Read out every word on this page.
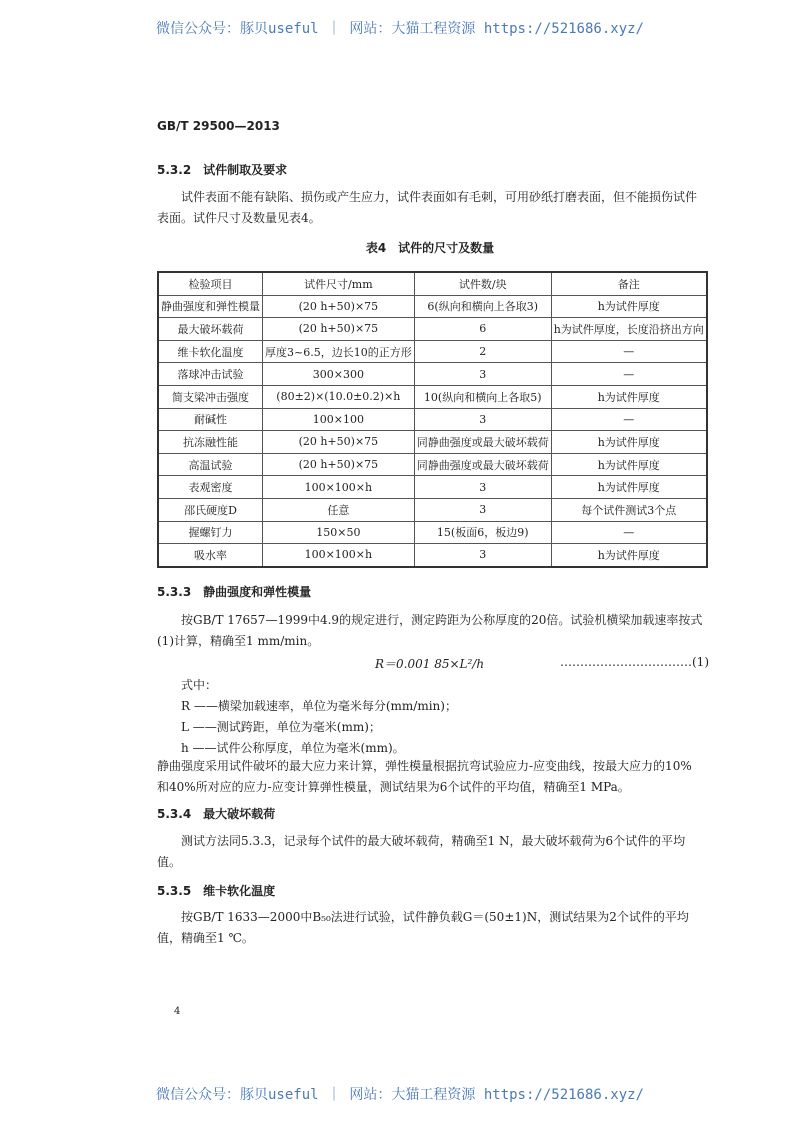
微信公众号：豚贝useful ｜ 网站：大猫工程资源 https://521686.xyz/
GB/T 29500—2013
5.3.2　试件制取及要求
试件表面不能有缺陷、损伤或产生应力，试件表面如有毛刺，可用砂纸打磨表面，但不能损伤试件表面。试件尺寸及数量见表4。
表4　试件的尺寸及数量
检验项目	试件尺寸/mm	试件数/块	备注
静曲强度和弹性模量	(20 h+50)×75	6(纵向和横向上各取3)	h为试件厚度
最大破坏载荷	(20 h+50)×75	6	h为试件厚度，长度沿挤出方向
维卡软化温度	厚度3~6.5，边长10的正方形	2	—
落球冲击试验	300×300	3	—
简支梁冲击强度	(80±2)×(10.0±0.2)×h	10(纵向和横向上各取5)	h为试件厚度
耐碱性	100×100	3	—
抗冻融性能	(20 h+50)×75	同静曲强度或最大破坏载荷	h为试件厚度
高温试验	(20 h+50)×75	同静曲强度或最大破坏载荷	h为试件厚度
表观密度	100×100×h	3	h为试件厚度
邵氏硬度D	任意	3	每个试件测试3个点
握螺钉力	150×50	15(板面6，板边9)	—
吸水率	100×100×h	3	h为试件厚度
5.3.3　静曲强度和弹性模量
按GB/T 17657—1999中4.9的规定进行，测定跨距为公称厚度的20倍。试验机横梁加载速率按式(1)计算，精确至1 mm/min。
R＝0.001 85×L²/h	……………………………(1)
式中：
R ——横梁加载速率，单位为毫米每分(mm/min)；
L ——测试跨距，单位为毫米(mm)；
h ——试件公称厚度，单位为毫米(mm)。
静曲强度采用试件破坏的最大应力来计算，弹性模量根据抗弯试验应力-应变曲线，按最大应力的10%和40%所对应的应力-应变计算弹性模量，测试结果为6个试件的平均值，精确至1 MPa。
5.3.4　最大破坏载荷
测试方法同5.3.3，记录每个试件的最大破坏载荷，精确至1 N，最大破坏载荷为6个试件的平均值。
5.3.5　维卡软化温度
按GB/T 1633—2000中B₅₀法进行试验，试件静负载G＝(50±1)N，测试结果为2个试件的平均值，精确至1 ℃。
4
微信公众号：豚贝useful ｜ 网站：大猫工程资源 https://521686.xyz/
